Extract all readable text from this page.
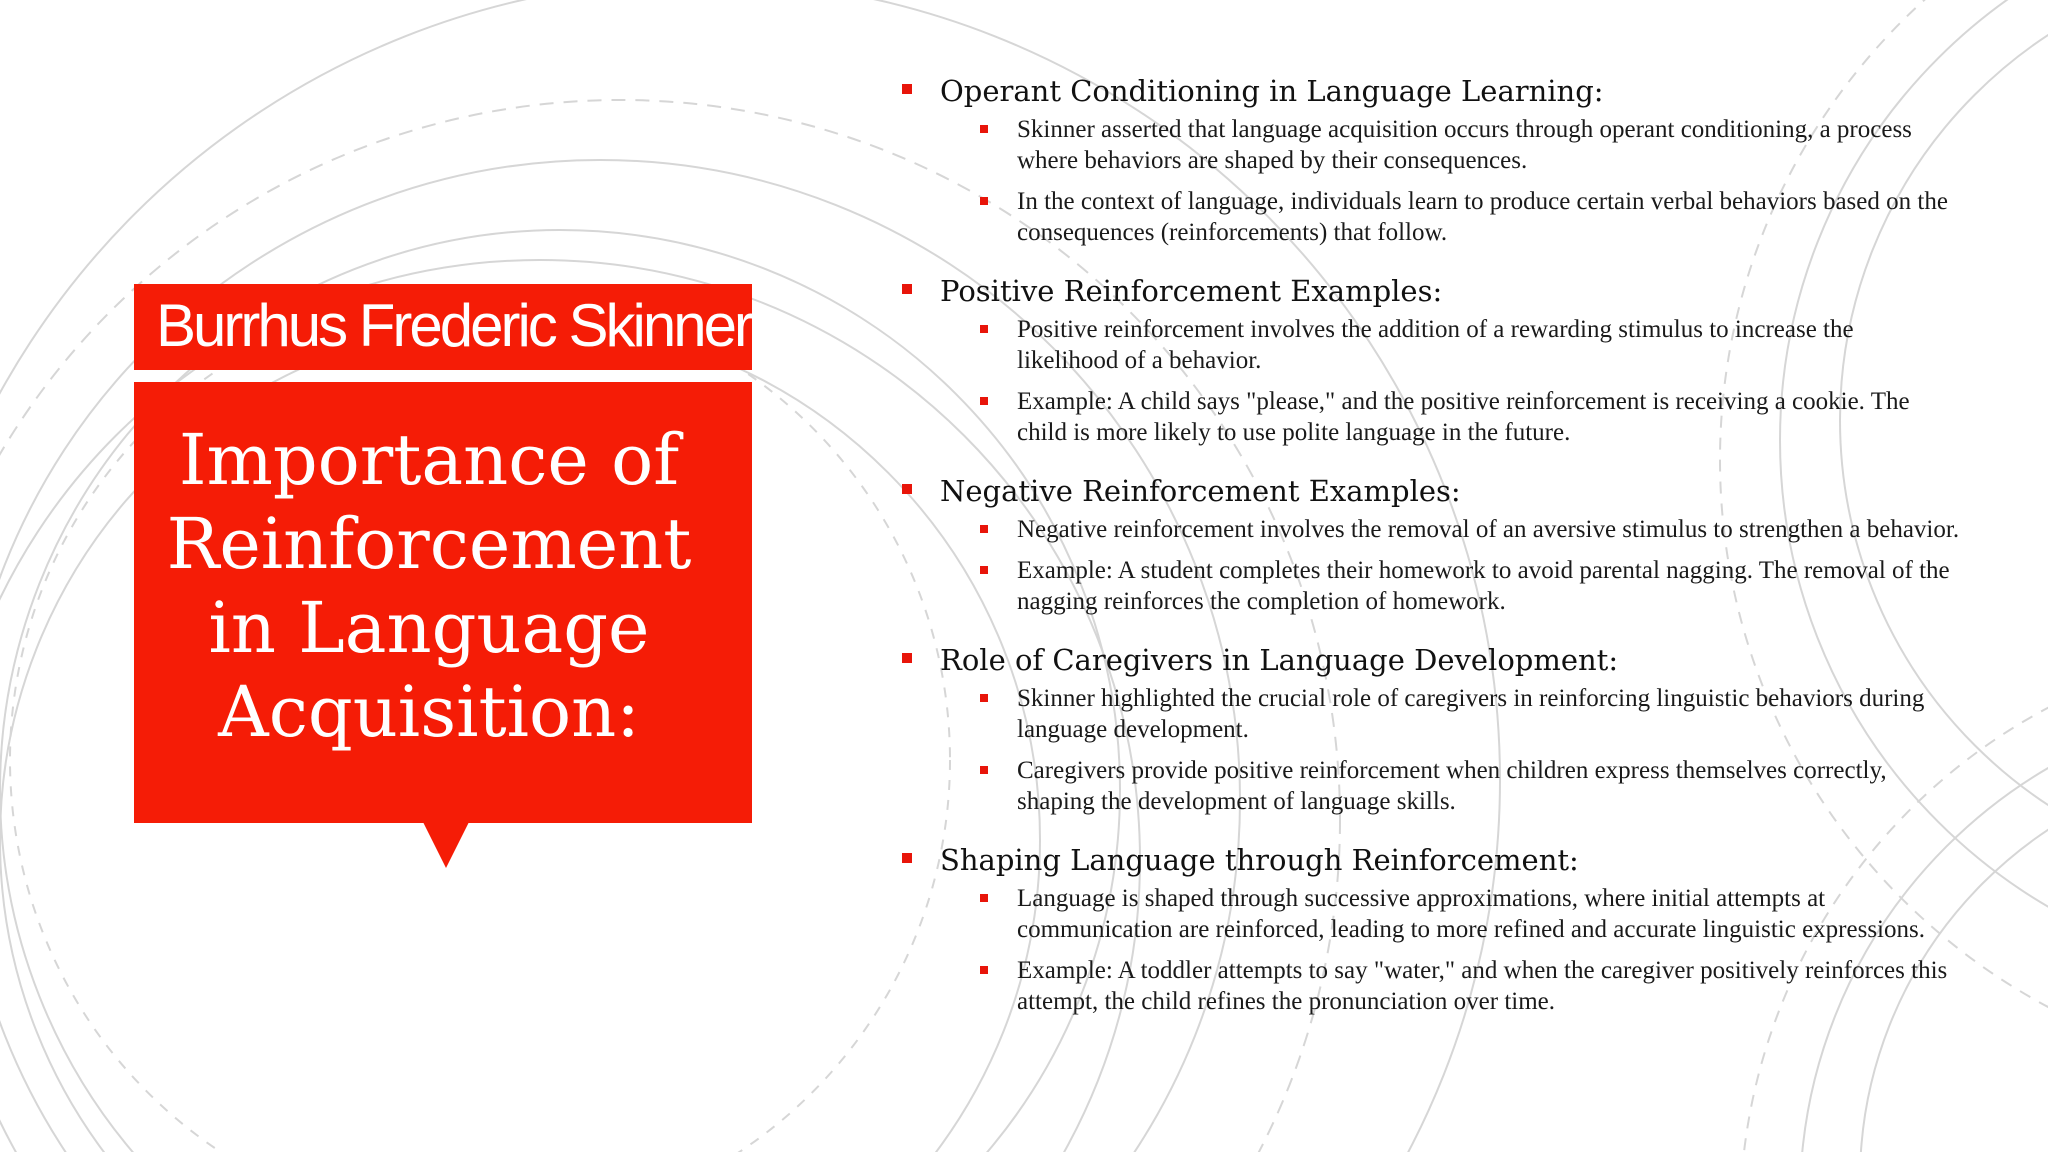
Burrhus Frederic Skinner
Importance of
Reinforcement
in Language
Acquisition:
Operant Conditioning in Language Learning:
Skinner asserted that language acquisition occurs through operant conditioning, a process where behaviors are shaped by their consequences.
In the context of language, individuals learn to produce certain verbal behaviors based on the consequences (reinforcements) that follow.
Positive Reinforcement Examples:
Positive reinforcement involves the addition of a rewarding stimulus to increase the likelihood of a behavior.
Example: A child says "please," and the positive reinforcement is receiving a cookie. The child is more likely to use polite language in the future.
Negative Reinforcement Examples:
Negative reinforcement involves the removal of an aversive stimulus to strengthen a behavior.
Example: A student completes their homework to avoid parental nagging. The removal of the nagging reinforces the completion of homework.
Role of Caregivers in Language Development:
Skinner highlighted the crucial role of caregivers in reinforcing linguistic behaviors during language development.
Caregivers provide positive reinforcement when children express themselves correctly, shaping the development of language skills.
Shaping Language through Reinforcement:
Language is shaped through successive approximations, where initial attempts at communication are reinforced, leading to more refined and accurate linguistic expressions.
Example: A toddler attempts to say "water," and when the caregiver positively reinforces this attempt, the child refines the pronunciation over time.
